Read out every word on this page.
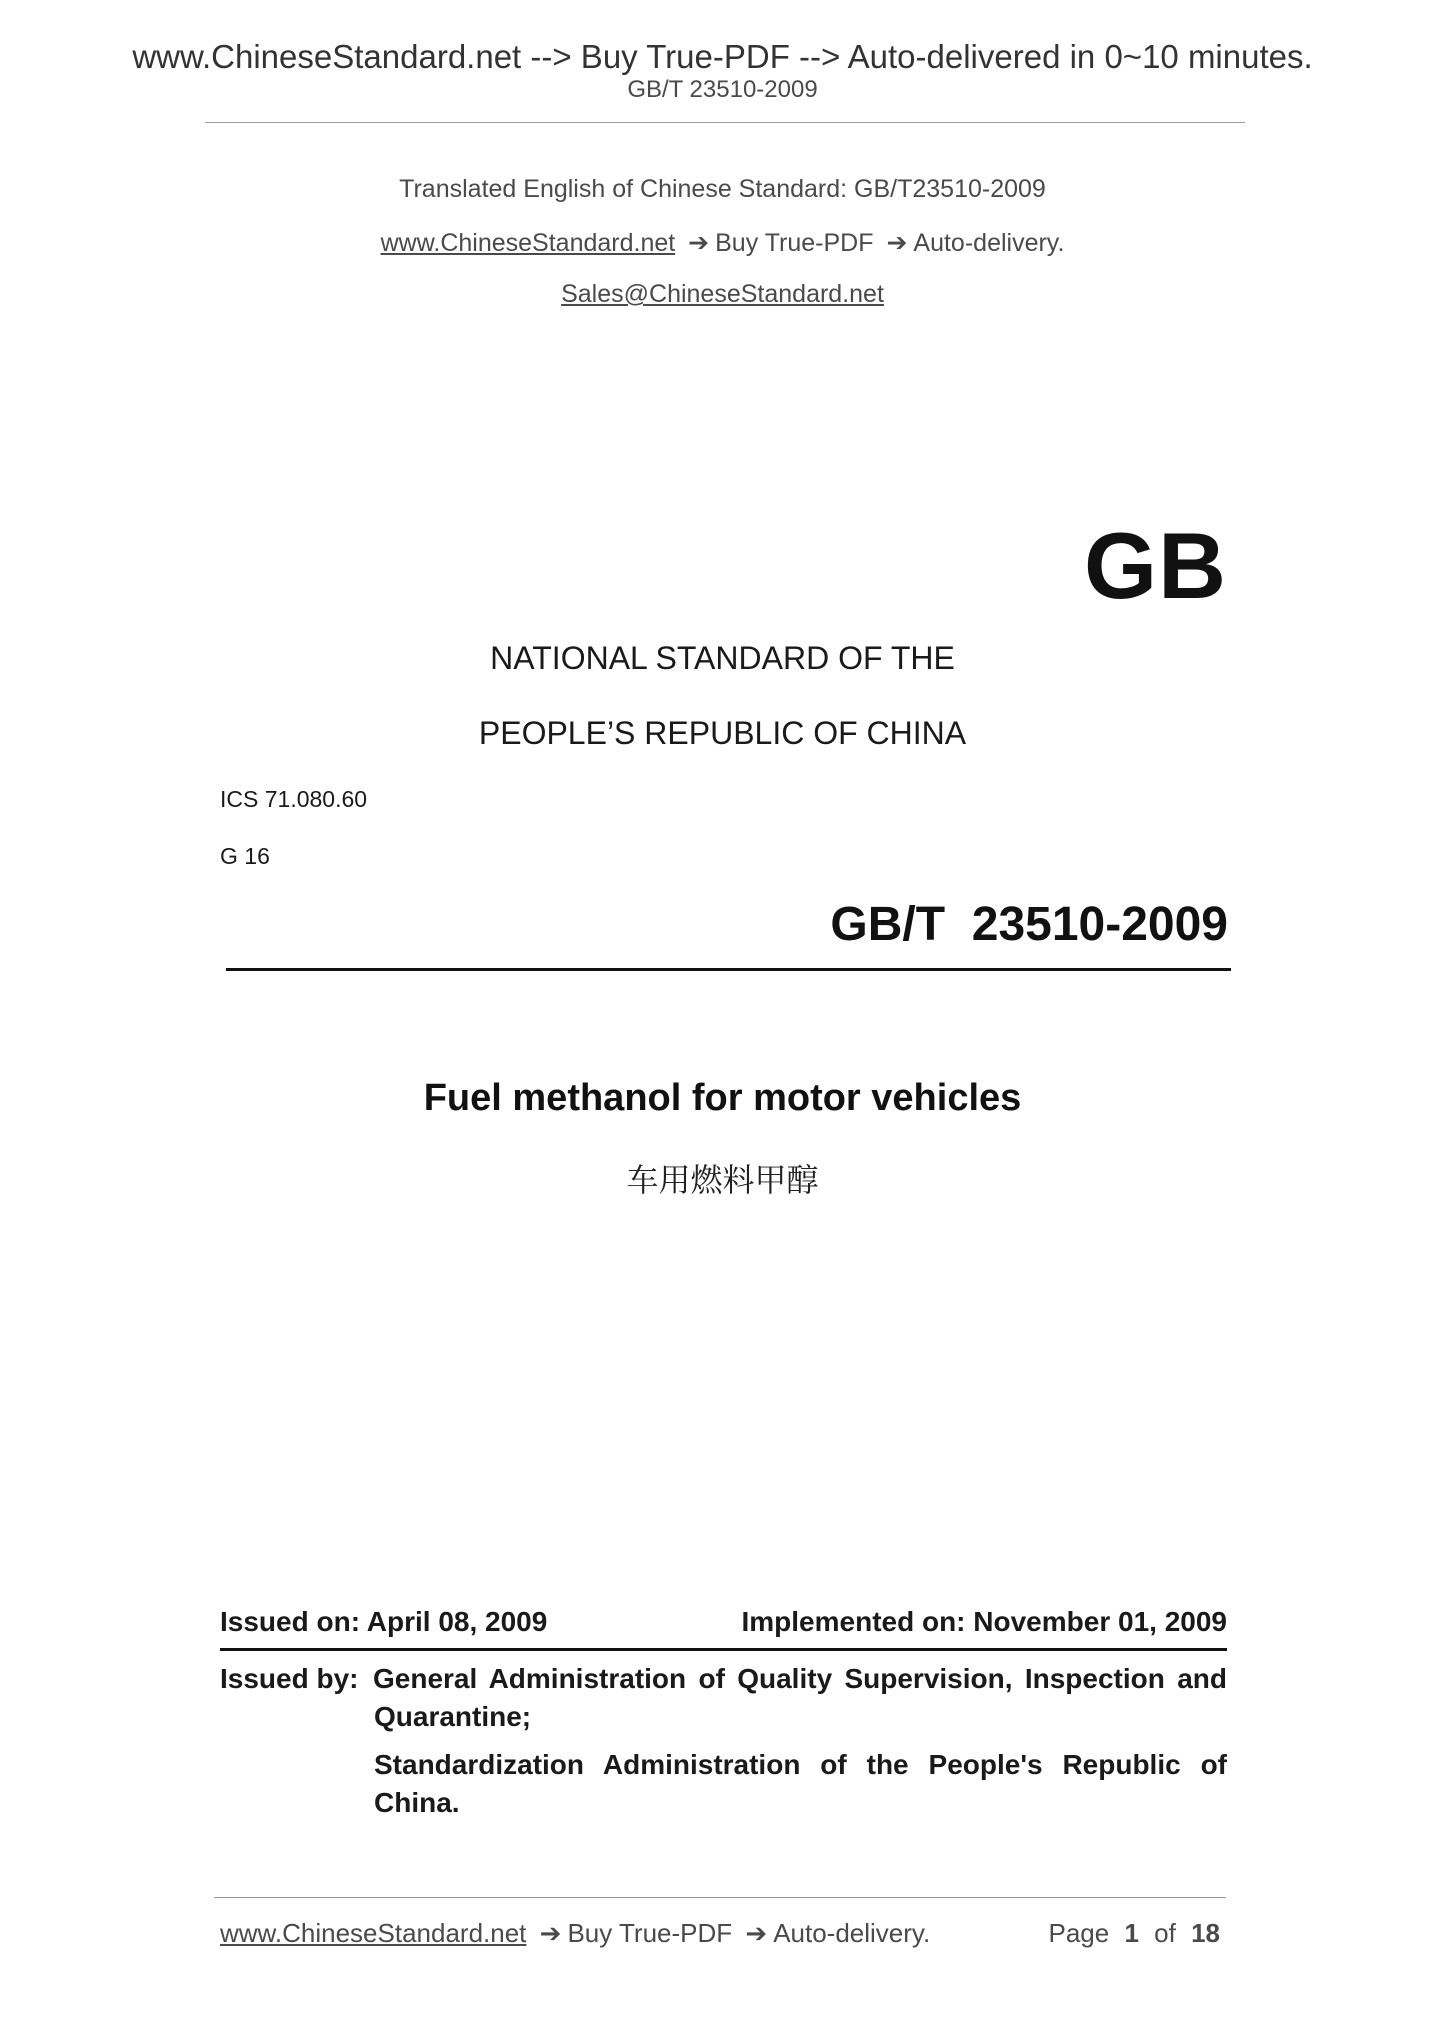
www.ChineseStandard.net --> Buy True-PDF --> Auto-delivered in 0~10 minutes.
GB/T 23510-2009
Translated English of Chinese Standard: GB/T23510-2009
www.ChineseStandard.net ➔ Buy True-PDF ➔ Auto-delivery.
Sales@ChineseStandard.net
GB
NATIONAL STANDARD OF THE
PEOPLE’S REPUBLIC OF CHINA
ICS 71.080.60
G 16
GB/T  23510-2009
Fuel methanol for motor vehicles
车用燃料甲醇
Issued on: April 08, 2009	Implemented on: November 01, 2009
Issued by: General Administration of Quality Supervision, Inspection and
Quarantine;
Standardization Administration of the People's Republic of
China.
www.ChineseStandard.net ➔ Buy True-PDF ➔ Auto-delivery.	Page 1 of 18
